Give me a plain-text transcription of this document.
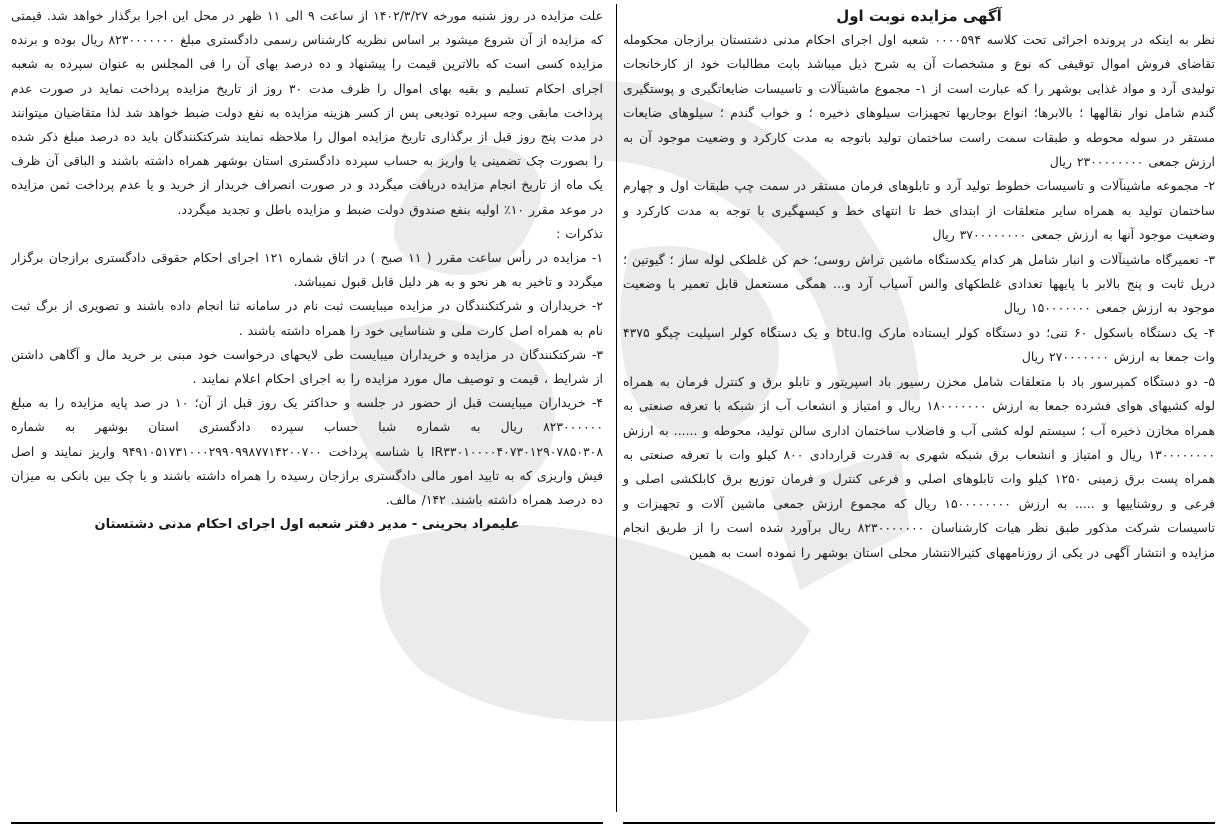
آگهی مزایده نوبت اول

نظر به اینکه در پرونده اجرائی تحت کلاسه ۰۰۰۰۵۹۴ شعبه اول اجرای احکام مدنی دشتستان برازجان محکومله تقاضای فروش اموال توقیفی که نوع و مشخصات آن به شرح ذیل میباشد بابت مطالبات خود از کارخانجات تولیدی آرد و مواد غذایی بوشهر را که عبارت است از ۱- مجموع ماشینآلات و تاسیسات ضایعاتگیری و پوستگیری گندم شامل نوار نقالهها ؛ بالابرها؛ انواع بوجاریها تجهیزات سیلوهای ذخیره ؛ و خواب گندم ؛ سیلوهای ضایعات مستقر در سوله محوطه و طبقات سمت راست ساختمان تولید باتوجه به مدت کارکرد و وضعیت موجود آن به ارزش جمعی ۲۳۰۰۰۰۰۰۰۰ ریال

۲- مجموعه ماشینآلات و تاسیسات خطوط تولید آرد و تابلوهای فرمان مستقر در سمت چپ طبقات اول و چهارم ساختمان تولید به همراه سایر متعلقات از ابتدای خط تا انتهای خط و کیسهگیری با توجه به مدت کارکرد و وضعیت موجود آنها به ارزش جمعی ۳۷۰۰۰۰۰۰۰۰ ریال

۳- تعمیرگاه ماشینآلات و انبار شامل هر کدام یکدستگاه ماشین تراش روسی؛ خم کن غلطکی لوله ساز ؛ گیوتین ؛ دریل ثابت و پنج بالابر با پایهها تعدادی غلطکهای والس آسیاب آرد و... همگی مستعمل قابل تعمیر با وضعیت موجود به ارزش جمعی ۱۵۰۰۰۰۰۰۰ ریال

۴- یک دستگاه باسکول ۶۰ تنی؛ دو دستگاه کولر ایستاده مارک btu.lg و یک دستگاه کولر اسپلیت چیگو ۴۳۷۵ وات جمعا به ارزش ۲۷۰۰۰۰۰۰۰ ریال

۵- دو دستگاه کمپرسور باد با متعلقات شامل مخزن رسیور باد اسپریتور و تابلو برق و کنترل فرمان به همراه لوله کشیهای هوای فشرده جمعا به ارزش ۱۸۰۰۰۰۰۰۰ ریال و امتیاز و انشعاب آب از شبکه با تعرفه صنعتی به همراه مخازن ذخیره آب ؛ سیستم لوله کشی آب و فاضلاب ساختمان اداری سالن تولید، محوطه و ...... به ارزش ۱۳۰۰۰۰۰۰۰۰ ریال و امتیاز و انشعاب برق شبکه شهری به قدرت قراردادی ۸۰۰ کیلو وات با تعرفه صنعتی به همراه پست برق زمینی ۱۲۵۰ کیلو وات تابلوهای اصلی و فرعی کنترل و فرمان توزیع برق کابلکشی اصلی و فرعی و روشناییها و ..... به ارزش ۱۵۰۰۰۰۰۰۰۰ ریال که مجموع ارزش جمعی ماشین آلات و تجهیزات و تاسیسات شرکت مذکور طبق نظر هیات کارشناسان ۸۲۳۰۰۰۰۰۰۰ ریال برآورد شده است را از طریق انجام مزایده و انتشار آگهی در یکی از روزنامههای کثیرالانتشار محلی استان بوشهر را نموده است به همین

علت مزایده در روز شنبه مورخه ۱۴۰۲/۳/۲۷ از ساعت ۹ الی ۱۱ ظهر در محل این اجرا برگذار خواهد شد. قیمتی که مزایده از آن شروع میشود بر اساس نظریه کارشناس رسمی دادگستری مبلغ ۸۲۳۰۰۰۰۰۰۰ ریال بوده و برنده مزایده کسی است که بالاترین قیمت را پیشنهاد و ده درصد بهای آن را فی المجلس به عنوان سپرده به شعبه اجرای احکام تسلیم و بقیه بهای اموال را ظرف مدت ۳۰ روز از تاریخ مزایده پرداخت نماید در صورت عدم پرداخت مابقی وجه سپرده تودیعی پس از کسر هزینه مزایده به نفع دولت ضبط خواهد شد لذا متقاضیان میتوانند در مدت پنج روز قبل از برگذاری تاریخ مزایده اموال را ملاحظه نمایند شرکتکنندگان باید ده درصد مبلغ ذکر شده را بصورت چک تضمینی یا واریز به حساب سپرده دادگستری استان بوشهر همراه داشته باشند و الباقی آن ظرف یک ماه از تاریخ انجام مزایده دریافت میگردد و در صورت انصراف خریدار از خرید و یا عدم پرداخت ثمن مزایده در موعد مقرر ۱۰٪ اولیه بنفع صندوق دولت ضبط و مزایده باطل و تجدید میگردد.

تذکرات :

۱- مزایده در رأس ساعت مقرر ( ۱۱ صبح ) در اتاق شماره ۱۲۱ اجرای احکام حقوقی دادگستری برازجان برگزار میگردد و تاخیر به هر نحو و به هر دلیل قابل قبول نمیباشد.

۲- خریداران و شرکتکنندگان در مزایده میبایست ثبت نام در سامانه ثنا انجام داده باشند و تصویری از برگ ثبت نام به همراه اصل کارت ملی و شناسایی خود را همراه داشته باشند .

۳- شرکتکنندگان در مزایده و خریداران میبایست طی لایحهای درخواست خود مبنی بر خرید مال و آگاهی داشتن از شرایط ، قیمت و توصیف مال مورد مزایده را به اجرای احکام اعلام نمایند .

۴- خریداران میبایست قبل از حضور در جلسه و حداکثر یک روز قبل از آن؛ ۱۰ در صد پایه مزایده را به مبلغ ۸۲۳۰۰۰۰۰۰ ریال به شماره شبا حساب سپرده دادگستری استان بوشهر به شماره IR۳۳۰۱۰۰۰۰۴۰۷۳۰۱۲۹۰۷۸۵۰۳۰۸ با شناسه پرداخت ۹۴۹۱۰۵۱۷۳۱۰۰۰۲۹۹۰۹۹۸۷۷۱۴۲۰۰۷۰۰ واریز نمایند و اصل فیش واریزی که به تایید امور مالی دادگستری برازجان رسیده را همراه داشته باشند و یا چک بین بانکی به میزان ده درصد همراه داشته باشند. ۱۴۲/ مالف.

علیمراد بحرینی - مدیر دفتر شعبه اول اجرای احکام مدنی دشتستان
